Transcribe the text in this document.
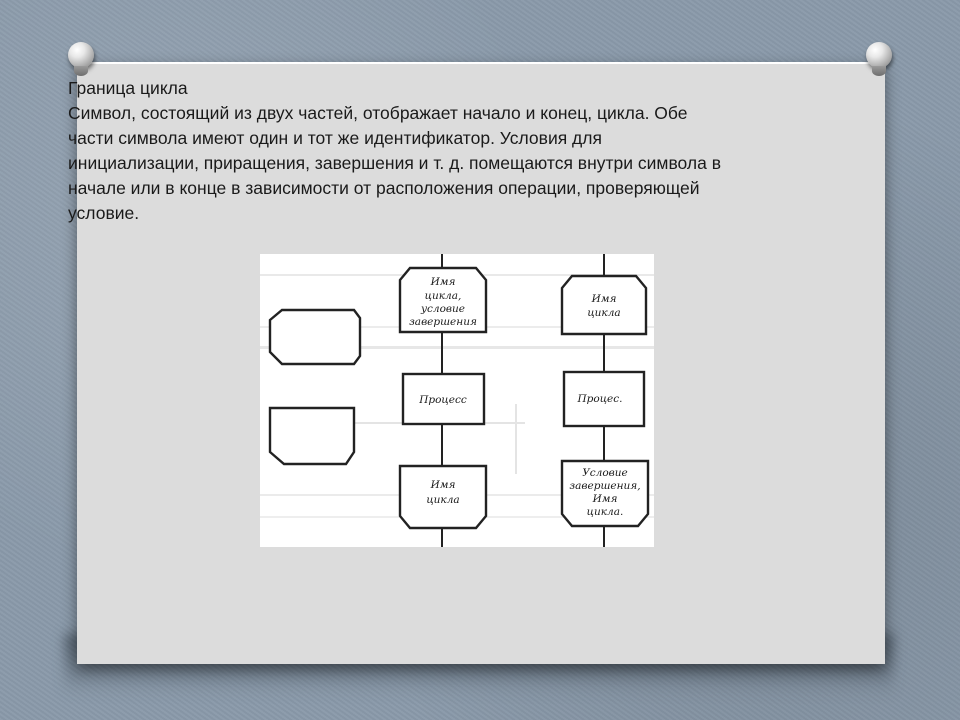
Граница цикла
Символ, состоящий из двух частей, отображает начало и конец, цикла. Обе
части символа имеют один и тот же идентификатор. Условия для
инициализации, приращения, завершения и т. д. помещаются внутри символа в
начале или в конце в зависимости от расположения операции, проверяющей
условие.
Имя
цикла,
условие
завершения
Процесс
Имя
цикла
Имя
цикла
Процес.
Условие
завершения,
Имя
цикла.
